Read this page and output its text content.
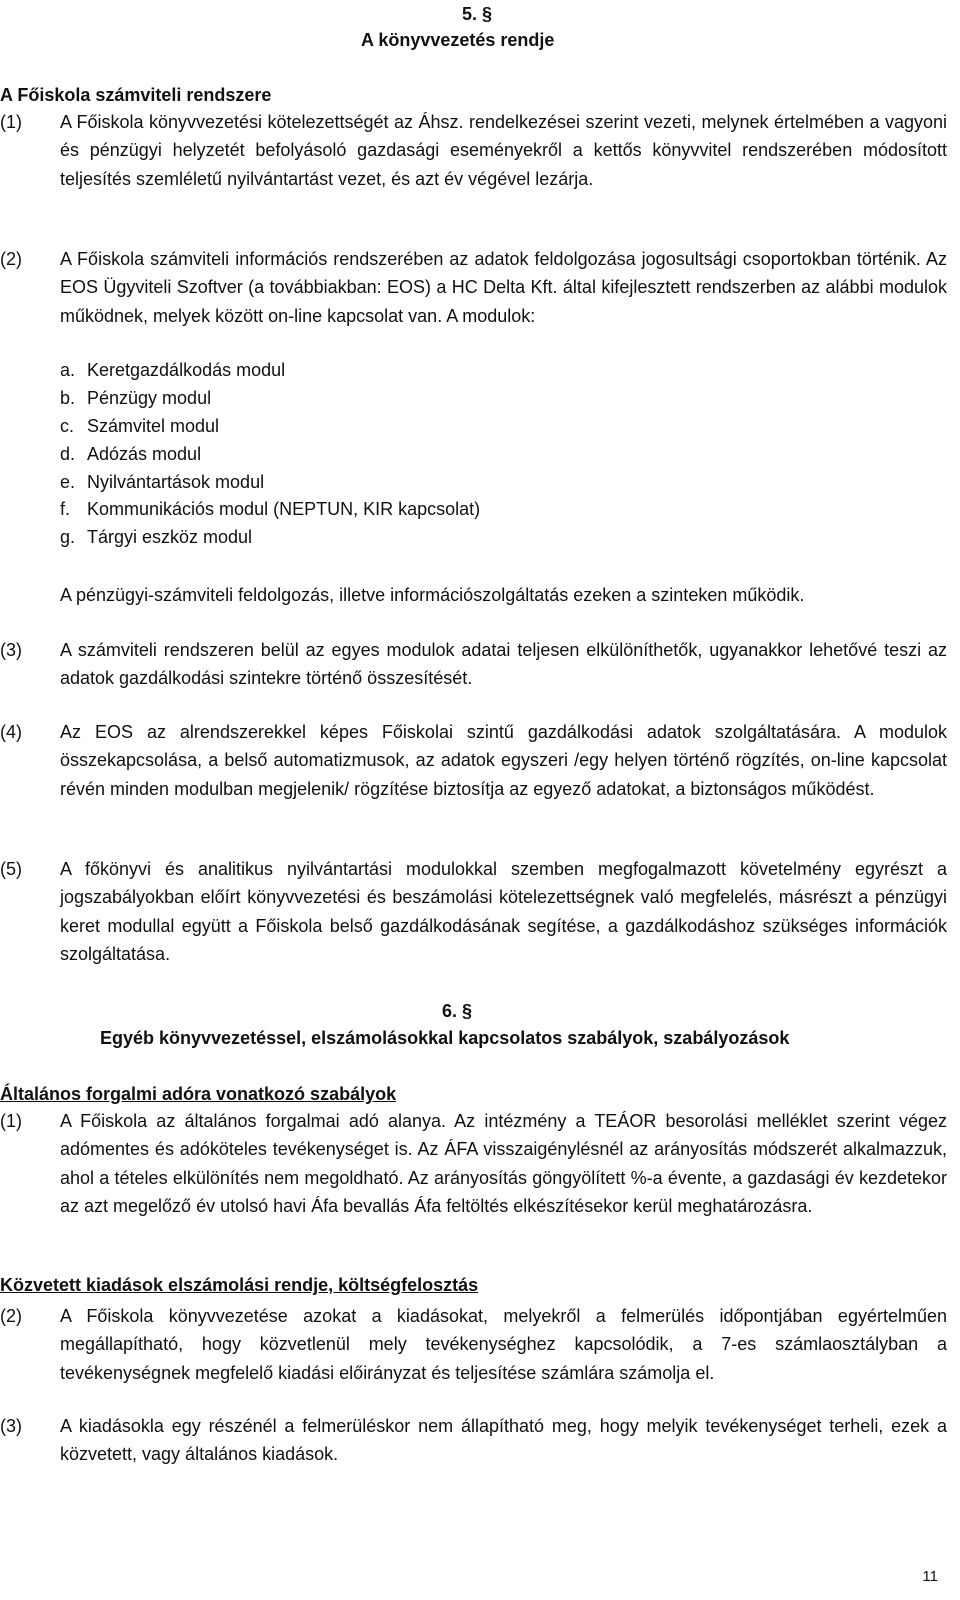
5. §
A könyvvezetés rendje
A Főiskola számviteli rendszere
(1)	A Főiskola könyvvezetési kötelezettségét az Áhsz. rendelkezései szerint vezeti, melynek értelmében a vagyoni és pénzügyi helyzetét befolyásoló gazdasági eseményekről a kettős könyvvitel rendszerében módosított teljesítés szemléletű nyilvántartást vezet, és azt év végével lezárja.
(2)	A Főiskola számviteli információs rendszerében az adatok feldolgozása jogosultsági csoportokban történik. Az EOS Ügyviteli Szoftver (a továbbiakban: EOS) a HC Delta Kft. által kifejlesztett rendszerben az alábbi modulok működnek, melyek között on-line kapcsolat van. A modulok:
a. Keretgazdálkodás modul
b. Pénzügy modul
c. Számvitel modul
d. Adózás modul
e. Nyilvántartások modul
f. Kommunikációs modul (NEPTUN, KIR kapcsolat)
g. Tárgyi eszköz modul
A pénzügyi-számviteli feldolgozás, illetve információszolgáltatás ezeken a szinteken működik.
(3)	A számviteli rendszeren belül az egyes modulok adatai teljesen elkülöníthetők, ugyanakkor lehetővé teszi az adatok gazdálkodási szintekre történő összesítését.
(4)	Az EOS az alrendszerekkel képes Főiskolai szintű gazdálkodási adatok szolgáltatására. A modulok összekapcsolása, a belső automatizmusok, az adatok egyszeri /egy helyen történő rögzítés, on-line kapcsolat révén minden modulban megjelenik/ rögzítése biztosítja az egyező adatokat, a biztonságos működést.
(5)	A főkönyvi és analitikus nyilvántartási modulokkal szemben megfogalmazott követelmény egyrészt a jogszabályokban előírt könyvvezetési és beszámolási kötelezettségnek való megfelelés, másrészt a pénzügyi keret modullal együtt a Főiskola belső gazdálkodásának segítése, a gazdálkodáshoz szükséges információk szolgáltatása.
6. §
Egyéb könyvvezetéssel, elszámolásokkal kapcsolatos szabályok, szabályozások
Általános forgalmi adóra vonatkozó szabályok
(1)	A Főiskola az általános forgalmai adó alanya. Az intézmény a TEÁOR besorolási melléklet szerint végez adómentes és adóköteles tevékenységet is. Az ÁFA visszaigénylésnél az arányosítás módszerét alkalmazzuk, ahol a tételes elkülönítés nem megoldható. Az arányosítás göngyölített %-a évente, a gazdasági év kezdetekor az azt megelőző év utolsó havi Áfa bevallás Áfa feltöltés elkészítésekor kerül meghatározásra.
Közvetett kiadások elszámolási rendje, költségfelosztás
(2)	A Főiskola könyvvezetése azokat a kiadásokat, melyekről a felmerülés időpontjában egyértelműen megállapítható, hogy közvetlenül mely tevékenységhez kapcsolódik, a 7-es számlaosztályban a tevékenységnek megfelelő kiadási előirányzat és teljesítése számlára számolja el.
(3)	A kiadásokla egy részénél a felmerüléskor nem állapítható meg, hogy melyik tevékenységet terheli, ezek a közvetett, vagy általános kiadások.
11
